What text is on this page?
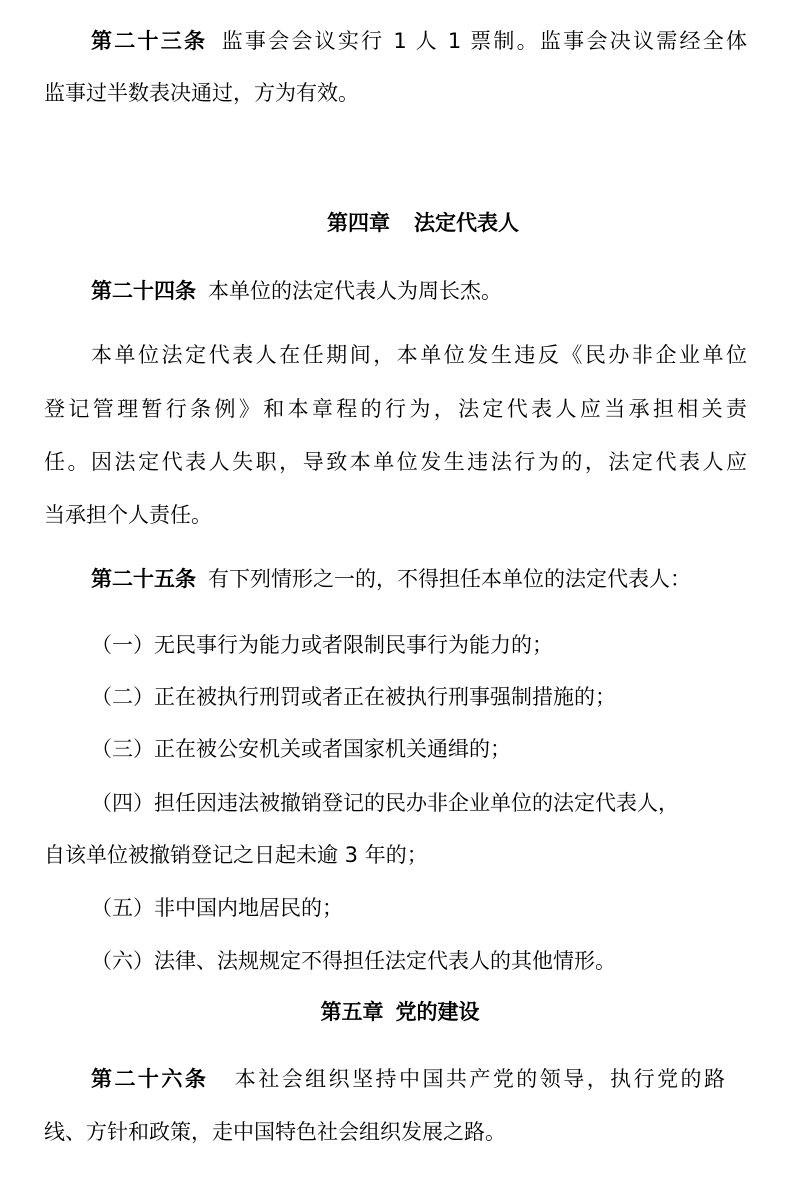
第二十三条 监事会会议实行 1 人 1 票制。监事会决议需经全体

监事过半数表决通过，方为有效。

第四章 法定代表人

第二十四条 本单位的法定代表人为周长杰。

本单位法定代表人在任期间，本单位发生违反《民办非企业单位

登记管理暂行条例》和本章程的行为，法定代表人应当承担相关责

任。因法定代表人失职，导致本单位发生违法行为的，法定代表人应

当承担个人责任。

第二十五条 有下列情形之一的，不得担任本单位的法定代表人：

（一）无民事行为能力或者限制民事行为能力的；

（二）正在被执行刑罚或者正在被执行刑事强制措施的；

（三）正在被公安机关或者国家机关通缉的；

（四）担任因违法被撤销登记的民办非企业单位的法定代表人，

自该单位被撤销登记之日起未逾 3 年的；

（五）非中国内地居民的；

（六）法律、法规规定不得担任法定代表人的其他情形。

第五章 党的建设

第二十六条 本社会组织坚持中国共产党的领导，执行党的路

线、方针和政策，走中国特色社会组织发展之路。
